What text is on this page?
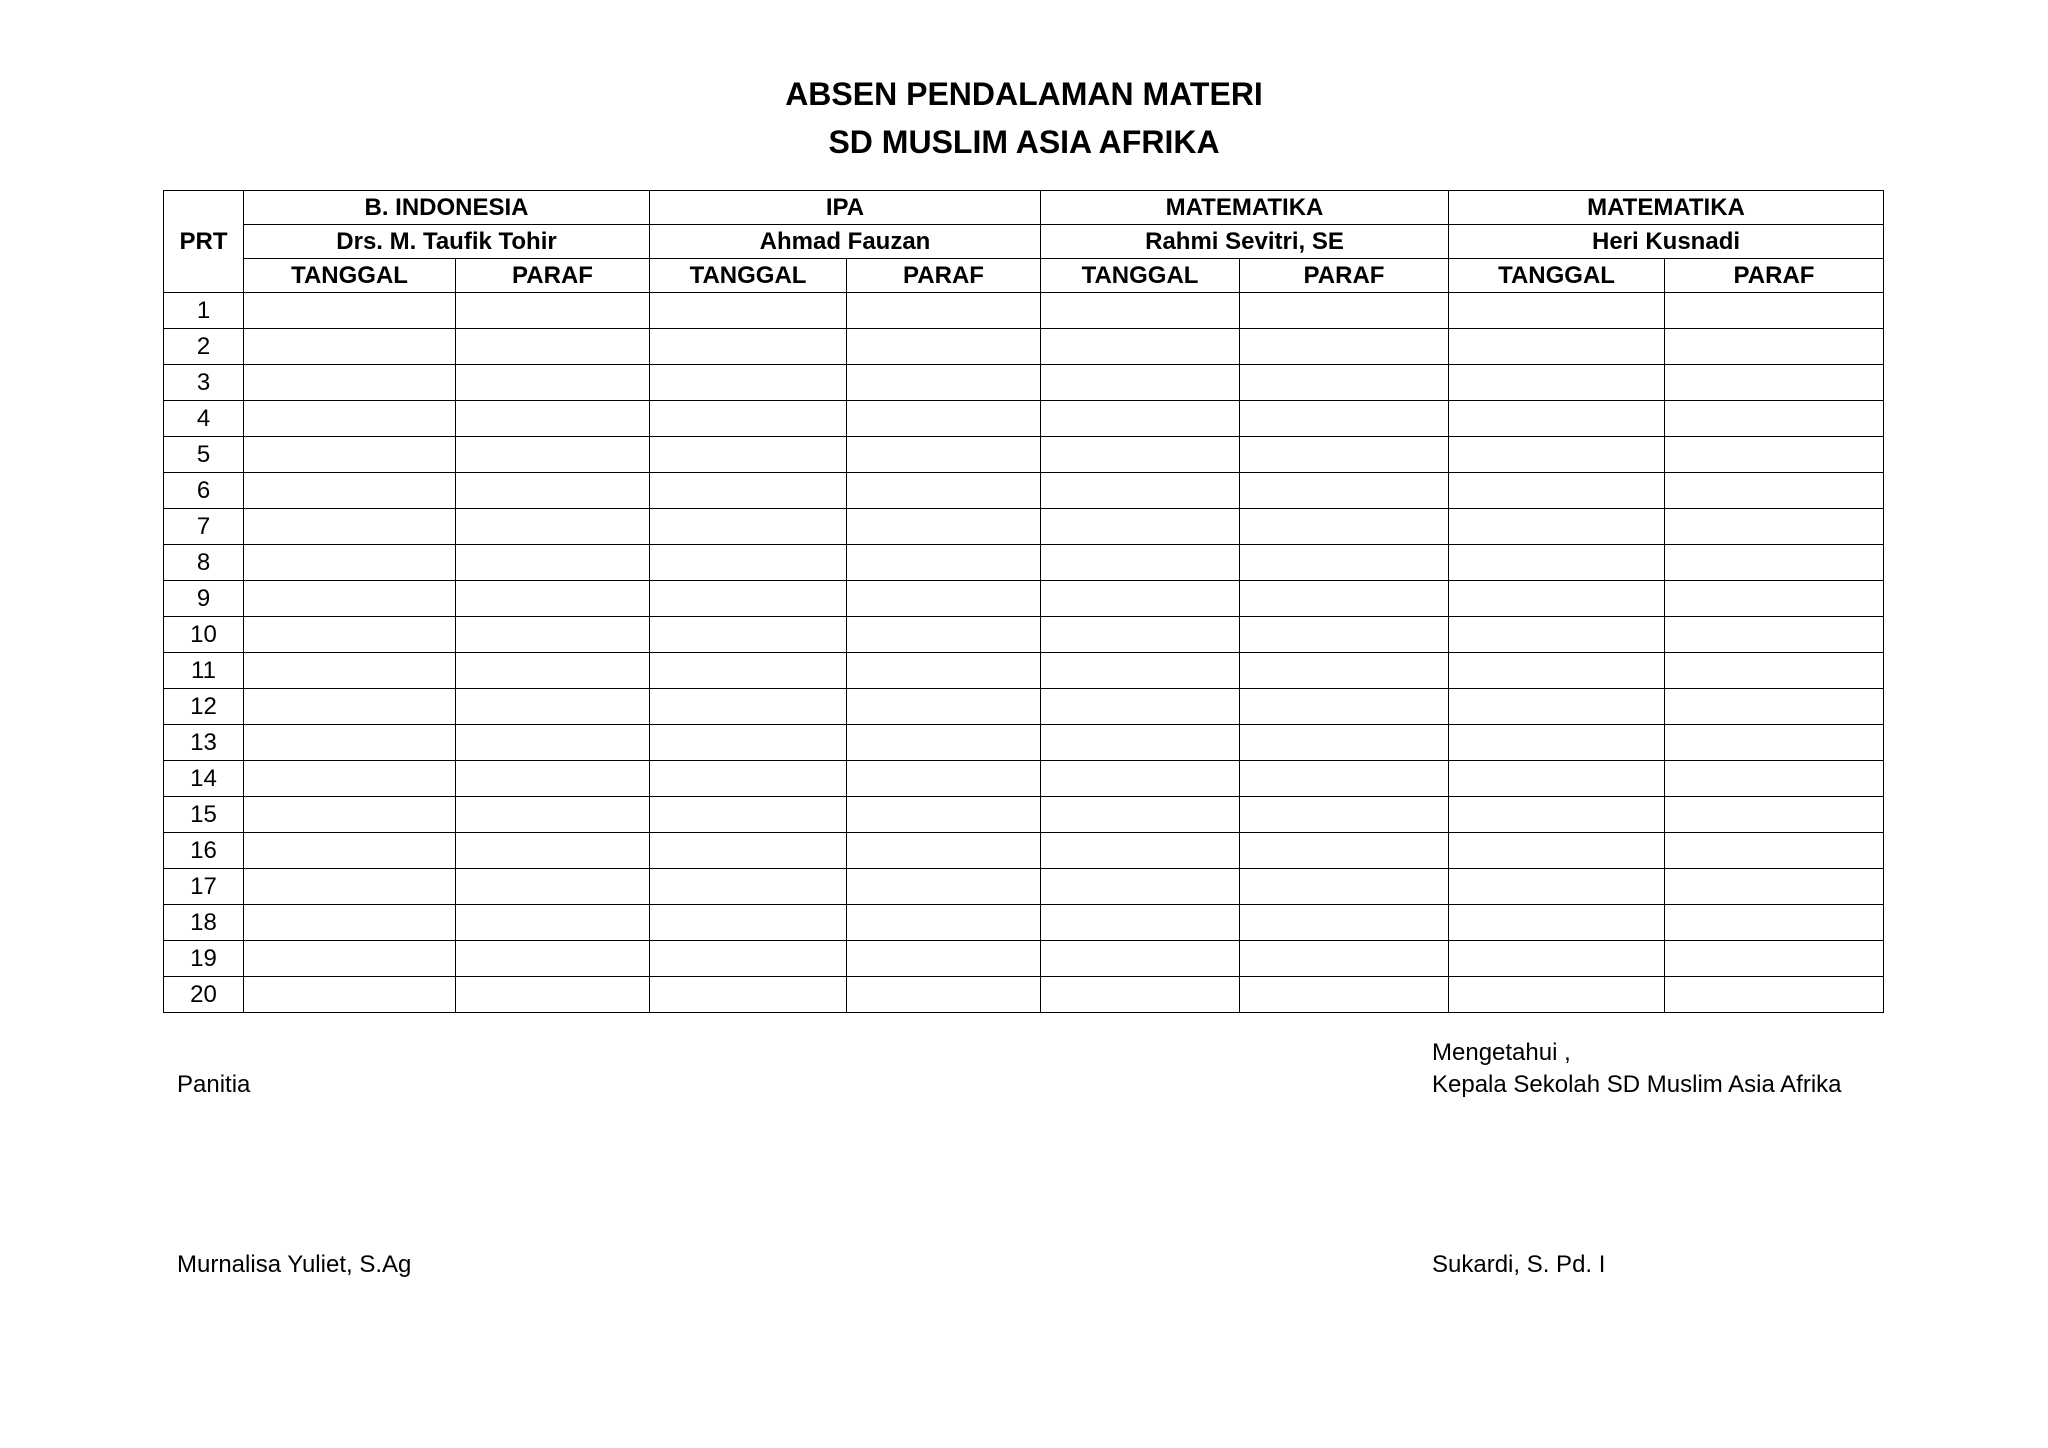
ABSEN PENDALAMAN MATERI
SD MUSLIM ASIA AFRIKA
PRT	B. INDONESIA		IPA		MATEMATIKA		MATEMATIKA	
	Drs. M. Taufik Tohir		Ahmad Fauzan		Rahmi Sevitri, SE		Heri Kusnadi	
	TANGGAL	PARAF	TANGGAL	PARAF	TANGGAL	PARAF	TANGGAL	PARAF
1								
2								
3								
4								
5								
6								
7								
8								
9								
10								
11								
12								
13								
14								
15								
16								
17								
18								
19								
20								
Panitia
Murnalisa Yuliet, S.Ag
Mengetahui ,
Kepala Sekolah SD Muslim Asia Afrika
Sukardi, S. Pd. I
